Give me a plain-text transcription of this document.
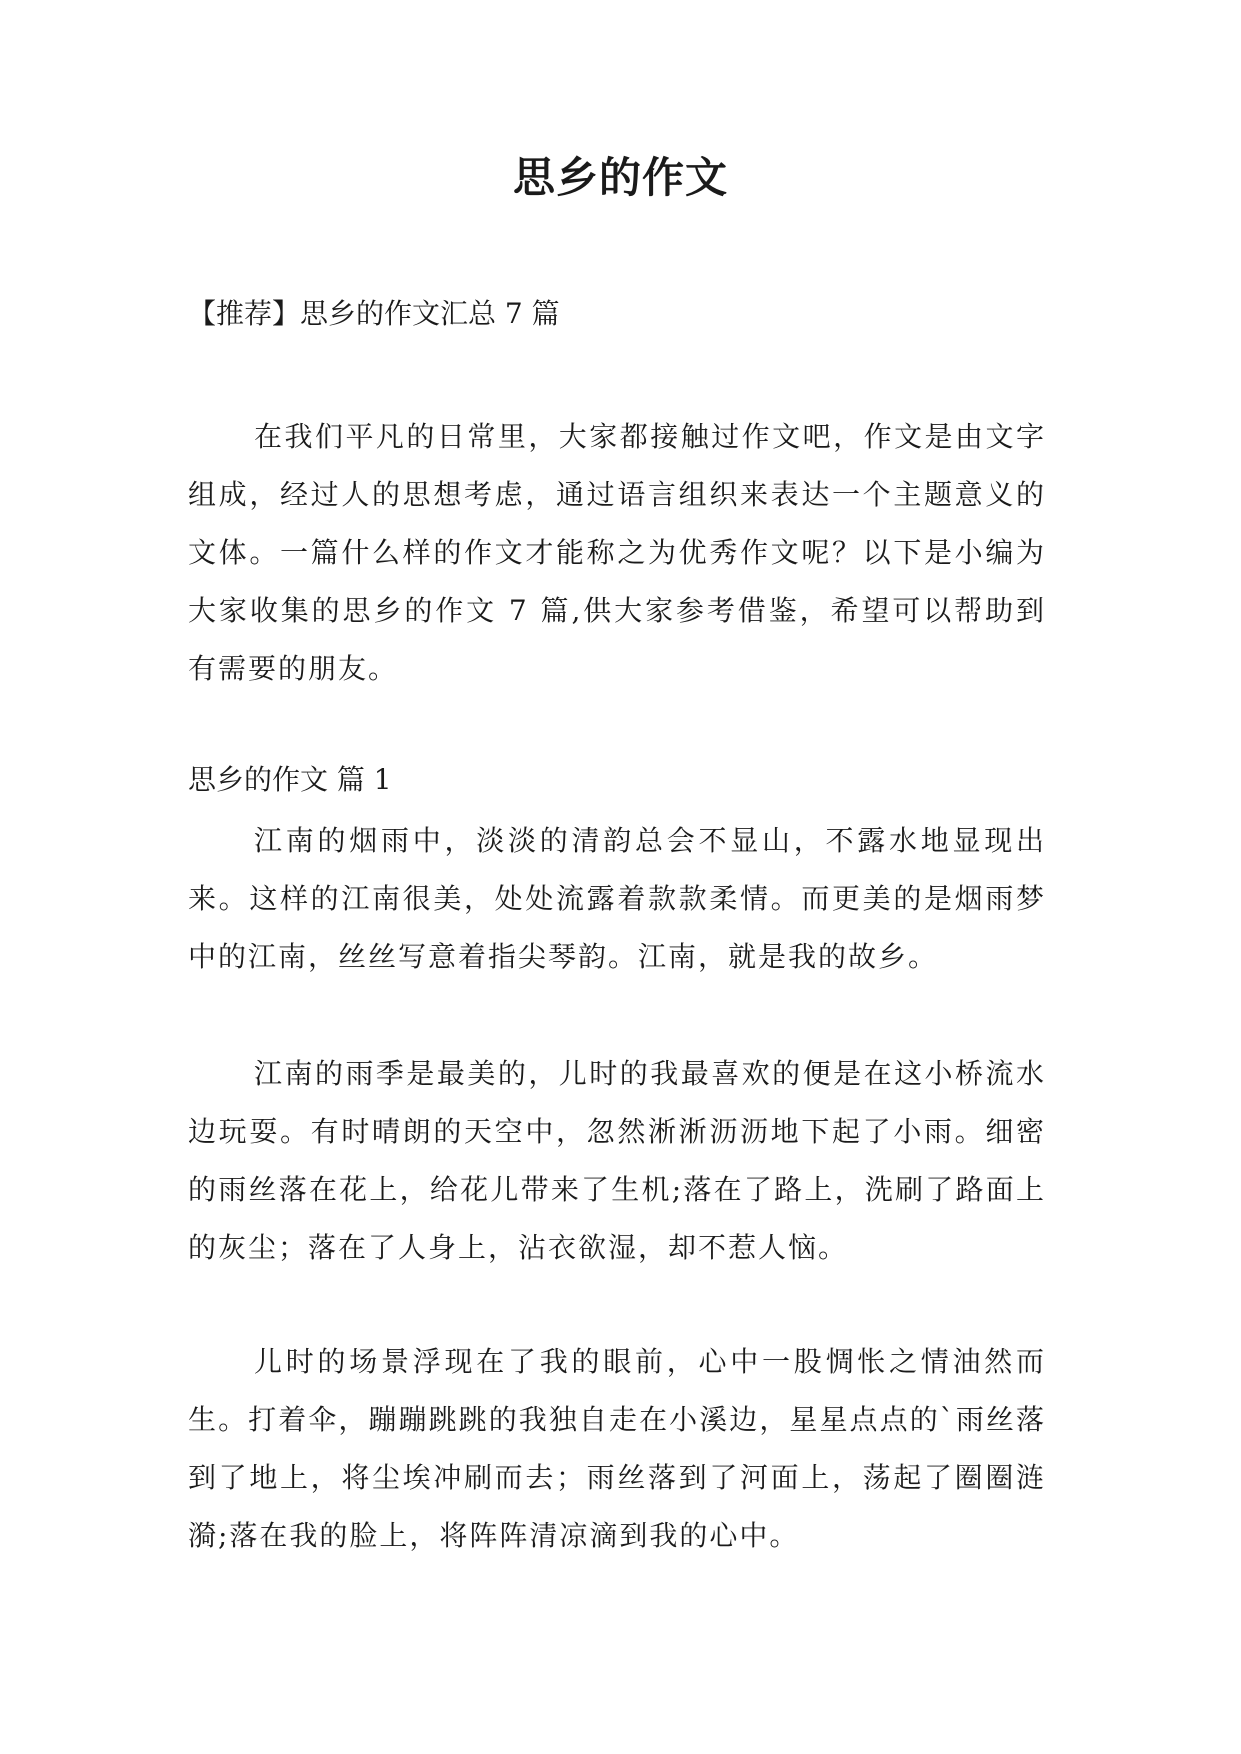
思乡的作文

【推荐】思乡的作文汇总 7 篇

在我们平凡的日常里，大家都接触过作文吧，作文是由文字组成，经过人的思想考虑，通过语言组织来表达一个主题意义的文体。一篇什么样的作文才能称之为优秀作文呢？以下是小编为大家收集的思乡的作文 7 篇,供大家参考借鉴，希望可以帮助到有需要的朋友。

思乡的作文 篇 1

江南的烟雨中，淡淡的清韵总会不显山，不露水地显现出来。这样的江南很美，处处流露着款款柔情。而更美的是烟雨梦中的江南，丝丝写意着指尖琴韵。江南，就是我的故乡。

江南的雨季是最美的，儿时的我最喜欢的便是在这小桥流水边玩耍。有时晴朗的天空中，忽然淅淅沥沥地下起了小雨。细密的雨丝落在花上，给花儿带来了生机;落在了路上，洗刷了路面上的灰尘；落在了人身上，沾衣欲湿，却不惹人恼。

儿时的场景浮现在了我的眼前，心中一股惆怅之情油然而生。打着伞，蹦蹦跳跳的我独自走在小溪边，星星点点的`雨丝落到了地上，将尘埃冲刷而去；雨丝落到了河面上，荡起了圈圈涟漪;落在我的脸上，将阵阵清凉滴到我的心中。
